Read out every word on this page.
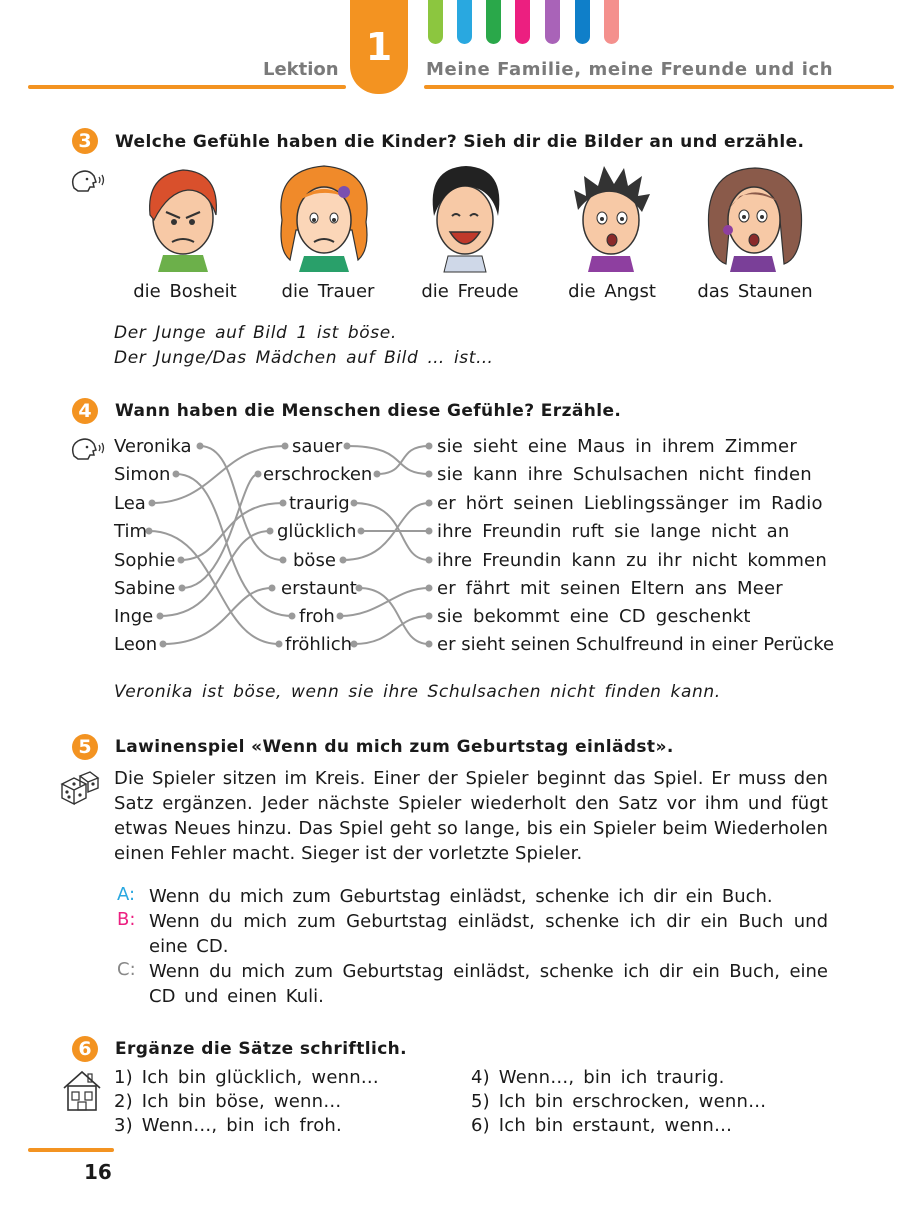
Lektion
1
Meine Familie, meine Freunde und ich
3	Welche Gefühle haben die Kinder? Sieh dir die Bilder an und erzähle.
die Bosheit	die Trauer	die Freude	die Angst	das Staunen
Der Junge auf Bild 1 ist böse.
Der Junge/Das Mädchen auf Bild … ist…
4	Wann haben die Menschen diese Gefühle? Erzähle.
Veronika
Simon
Lea
Tim
Sophie
Sabine
Inge
Leon
sauer
erschrocken
traurig
glücklich
böse
erstaunt
froh
fröhlich
sie sieht eine Maus in ihrem Zimmer
sie kann ihre Schulsachen nicht finden
er hört seinen Lieblingssänger im Radio
ihre Freundin ruft sie lange nicht an
ihre Freundin kann zu ihr nicht kommen
er fährt mit seinen Eltern ans Meer
sie bekommt eine CD geschenkt
er sieht seinen Schulfreund in einer Perücke
Veronika ist böse, wenn sie ihre Schulsachen nicht finden kann.
5	Lawinenspiel «Wenn du mich zum Geburtstag einlädst».
Die Spieler sitzen im Kreis. Einer der Spieler beginnt das Spiel. Er muss den Satz ergänzen. Jeder nächste Spieler wiederholt den Satz vor ihm und fügt etwas Neues hinzu. Das Spiel geht so lange, bis ein Spieler beim Wiederholen einen Fehler macht. Sieger ist der vorletzte Spieler.
A: Wenn du mich zum Geburtstag einlädst, schenke ich dir ein Buch.
B: Wenn du mich zum Geburtstag einlädst, schenke ich dir ein Buch und eine CD.
C: Wenn du mich zum Geburtstag einlädst, schenke ich dir ein Buch, eine CD und einen Kuli.
6	Ergänze die Sätze schriftlich.
1) Ich bin glücklich, wenn…
2) Ich bin böse, wenn…
3) Wenn…, bin ich froh.
4) Wenn…, bin ich traurig.
5) Ich bin erschrocken, wenn…
6) Ich bin erstaunt, wenn…
16
